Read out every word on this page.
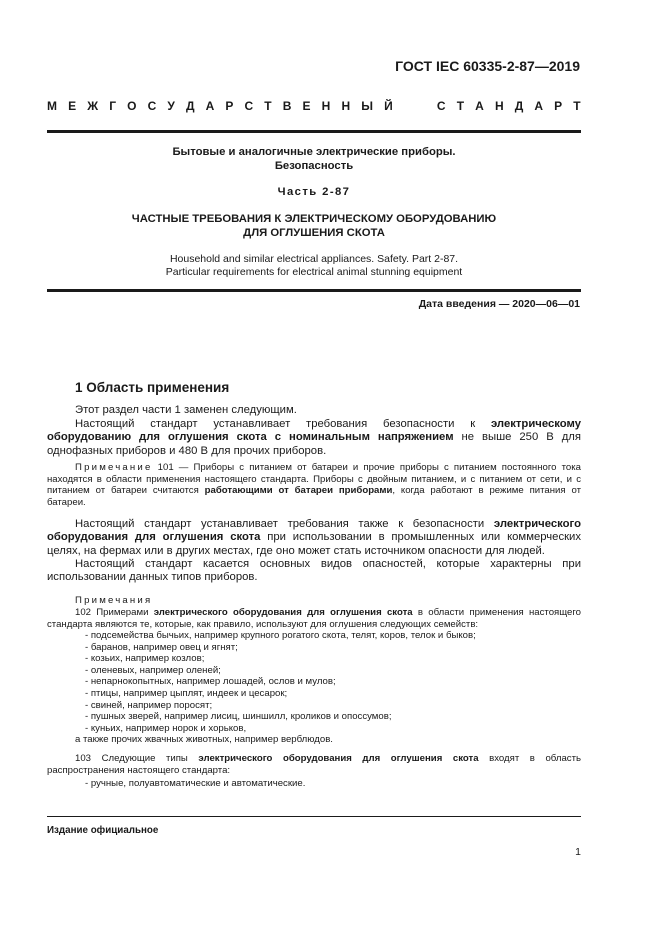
ГОСТ IEC 60335-2-87—2019
М Е Ж Г О С У Д А Р С Т В Е Н Н Ы Й	С Т А Н Д А Р Т
Бытовые и аналогичные электрические приборы.
Безопасность
Часть 2-87
ЧАСТНЫЕ ТРЕБОВАНИЯ К ЭЛЕКТРИЧЕСКОМУ ОБОРУДОВАНИЮ
ДЛЯ ОГЛУШЕНИЯ СКОТА
Household and similar electrical appliances. Safety. Part 2-87.
Particular requirements for electrical animal stunning equipment
Дата введения — 2020—06—01
1 Область применения
Этот раздел части 1 заменен следующим.
Настоящий стандарт устанавливает требования безопасности к электрическому оборудованию для оглушения скота с номинальным напряжением не выше 250 В для однофазных приборов и 480 В для прочих приборов.
Примечание 101 — Приборы с питанием от батареи и прочие приборы с питанием постоянного тока находятся в области применения настоящего стандарта. Приборы с двойным питанием, и с питанием от сети, и с питанием от батареи считаются работающими от батареи приборами, когда работают в режиме питания от батареи.
Настоящий стандарт устанавливает требования также к безопасности электрического оборудования для оглушения скота при использовании в промышленных или коммерческих целях, на фермах или в других местах, где оно может стать источником опасности для людей.
Настоящий стандарт касается основных видов опасностей, которые характерны при использовании данных типов приборов.
Примечания
102 Примерами электрического оборудования для оглушения скота в области применения настоящего стандарта являются те, которые, как правило, используют для оглушения следующих семейств:
- подсемейства бычьих, например крупного рогатого скота, телят, коров, телок и быков;
- баранов, например овец и ягнят;
- козьих, например козлов;
- оленевых, например оленей;
- непарнокопытных, например лошадей, ослов и мулов;
- птицы, например цыплят, индеек и цесарок;
- свиней, например поросят;
- пушных зверей, например лисиц, шиншилл, кроликов и опоссумов;
- куньих, например норок и хорьков,
а также прочих жвачных животных, например верблюдов.
103 Следующие типы электрического оборудования для оглушения скота входят в область распространения настоящего стандарта:
- ручные, полуавтоматические и автоматические.
Издание официальное
1
